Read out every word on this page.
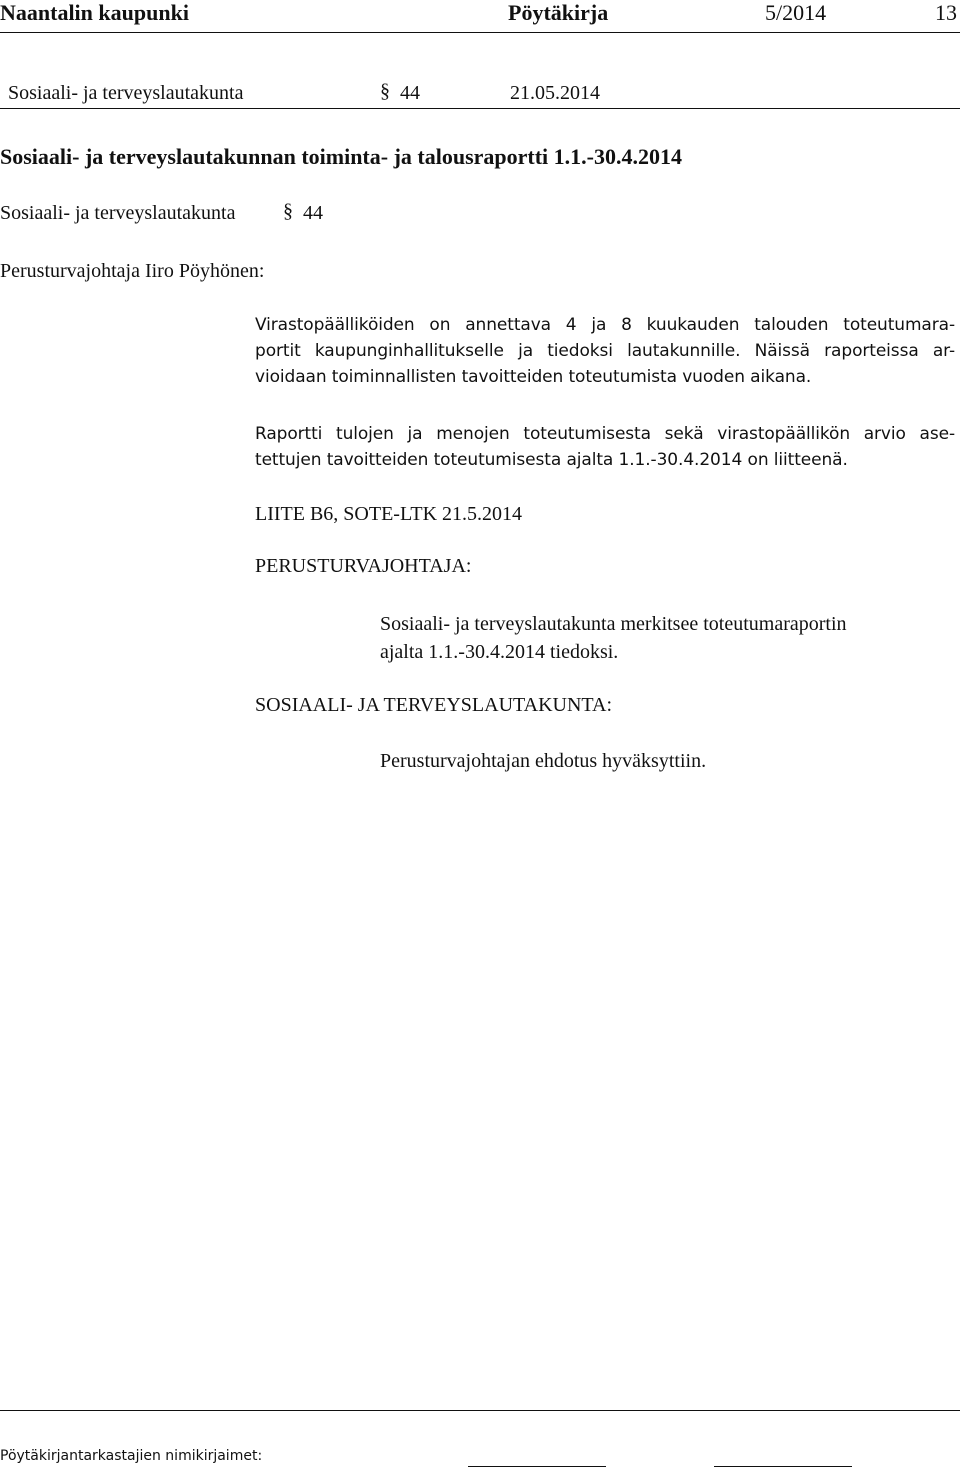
Naantalin kaupunki	Pöytäkirja	5/2014	13
Sosiaali- ja terveyslautakunta	§ 44	21.05.2014
Sosiaali- ja terveyslautakunnan toiminta- ja talousraportti 1.1.-30.4.2014
Sosiaali- ja terveyslautakunta § 44
Perusturvajohtaja Iiro Pöyhönen:

Virastopäälliköiden on annettava 4 ja 8 kuukauden talouden toteutumara-

portit kaupunginhallitukselle ja tiedoksi lautakunnille. Näissä raporteissa ar-

vioidaan toiminnallisten tavoitteiden toteutumista vuoden aikana.

Raportti tulojen ja menojen toteutumisesta sekä virastopäällikön arvio ase-

tettujen tavoitteiden toteutumisesta ajalta 1.1.-30.4.2014 on liitteenä.

LIITE B6, SOTE-LTK 21.5.2014
PERUSTURVAJOHTAJA:
Sosiaali- ja terveyslautakunta merkitsee toteutumaraportin
ajalta 1.1.-30.4.2014 tiedoksi.
SOSIAALI- JA TERVEYSLAUTAKUNTA:
Perusturvajohtajan ehdotus hyväksyttiin.
Pöytäkirjantarkastajien nimikirjaimet:
